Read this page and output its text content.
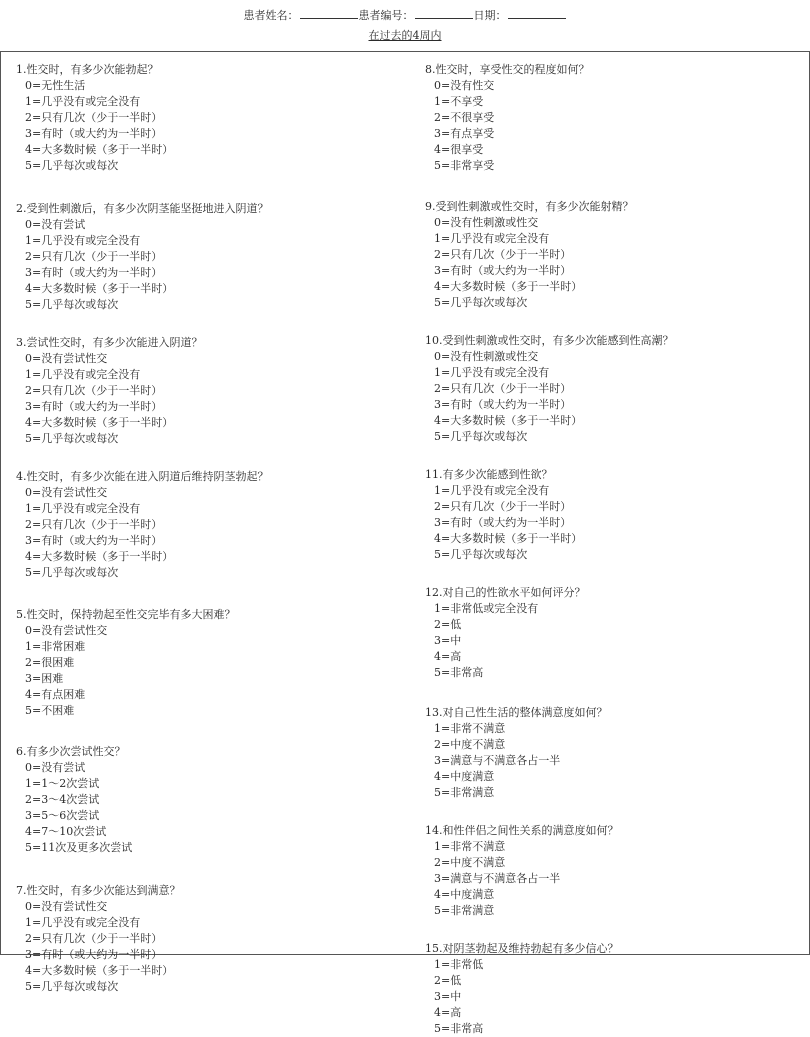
患者姓名：	患者编号：	日期：
在过去的4周内
1.性交时，有多少次能勃起？
0=无性生活
1=几乎没有或完全没有
2=只有几次（少于一半时）
3=有时（或大约为一半时）
4=大多数时候（多于一半时）
5=几乎每次或每次
2.受到性刺激后，有多少次阴茎能坚挺地进入阴道？
0=没有尝试
1=几乎没有或完全没有
2=只有几次（少于一半时）
3=有时（或大约为一半时）
4=大多数时候（多于一半时）
5=几乎每次或每次
3.尝试性交时，有多少次能进入阴道？
0=没有尝试性交
1=几乎没有或完全没有
2=只有几次（少于一半时）
3=有时（或大约为一半时）
4=大多数时候（多于一半时）
5=几乎每次或每次
4.性交时，有多少次能在进入阴道后维持阴茎勃起？
0=没有尝试性交
1=几乎没有或完全没有
2=只有几次（少于一半时）
3=有时（或大约为一半时）
4=大多数时候（多于一半时）
5=几乎每次或每次
5.性交时，保持勃起至性交完毕有多大困难？
0=没有尝试性交
1=非常困难
2=很困难
3=困难
4=有点困难
5=不困难
6.有多少次尝试性交？
0=没有尝试
1=1～2次尝试
2=3～4次尝试
3=5～6次尝试
4=7～10次尝试
5=11次及更多次尝试
7.性交时，有多少次能达到满意？
0=没有尝试性交
1=几乎没有或完全没有
2=只有几次（少于一半时）
3=有时（或大约为一半时）
4=大多数时候（多于一半时）
5=几乎每次或每次
8.性交时，享受性交的程度如何？
0=没有性交
1=不享受
2=不很享受
3=有点享受
4=很享受
5=非常享受
9.受到性刺激或性交时，有多少次能射精？
0=没有性刺激或性交
1=几乎没有或完全没有
2=只有几次（少于一半时）
3=有时（或大约为一半时）
4=大多数时候（多于一半时）
5=几乎每次或每次
10.受到性刺激或性交时，有多少次能感到性高潮？
0=没有性刺激或性交
1=几乎没有或完全没有
2=只有几次（少于一半时）
3=有时（或大约为一半时）
4=大多数时候（多于一半时）
5=几乎每次或每次
11.有多少次能感到性欲？
1=几乎没有或完全没有
2=只有几次（少于一半时）
3=有时（或大约为一半时）
4=大多数时候（多于一半时）
5=几乎每次或每次
12.对自己的性欲水平如何评分？
1=非常低或完全没有
2=低
3=中
4=高
5=非常高
13.对自己性生活的整体满意度如何？
1=非常不满意
2=中度不满意
3=满意与不满意各占一半
4=中度满意
5=非常满意
14.和性伴侣之间性关系的满意度如何？
1=非常不满意
2=中度不满意
3=满意与不满意各占一半
4=中度满意
5=非常满意
15.对阴茎勃起及维持勃起有多少信心？
1=非常低
2=低
3=中
4=高
5=非常高
